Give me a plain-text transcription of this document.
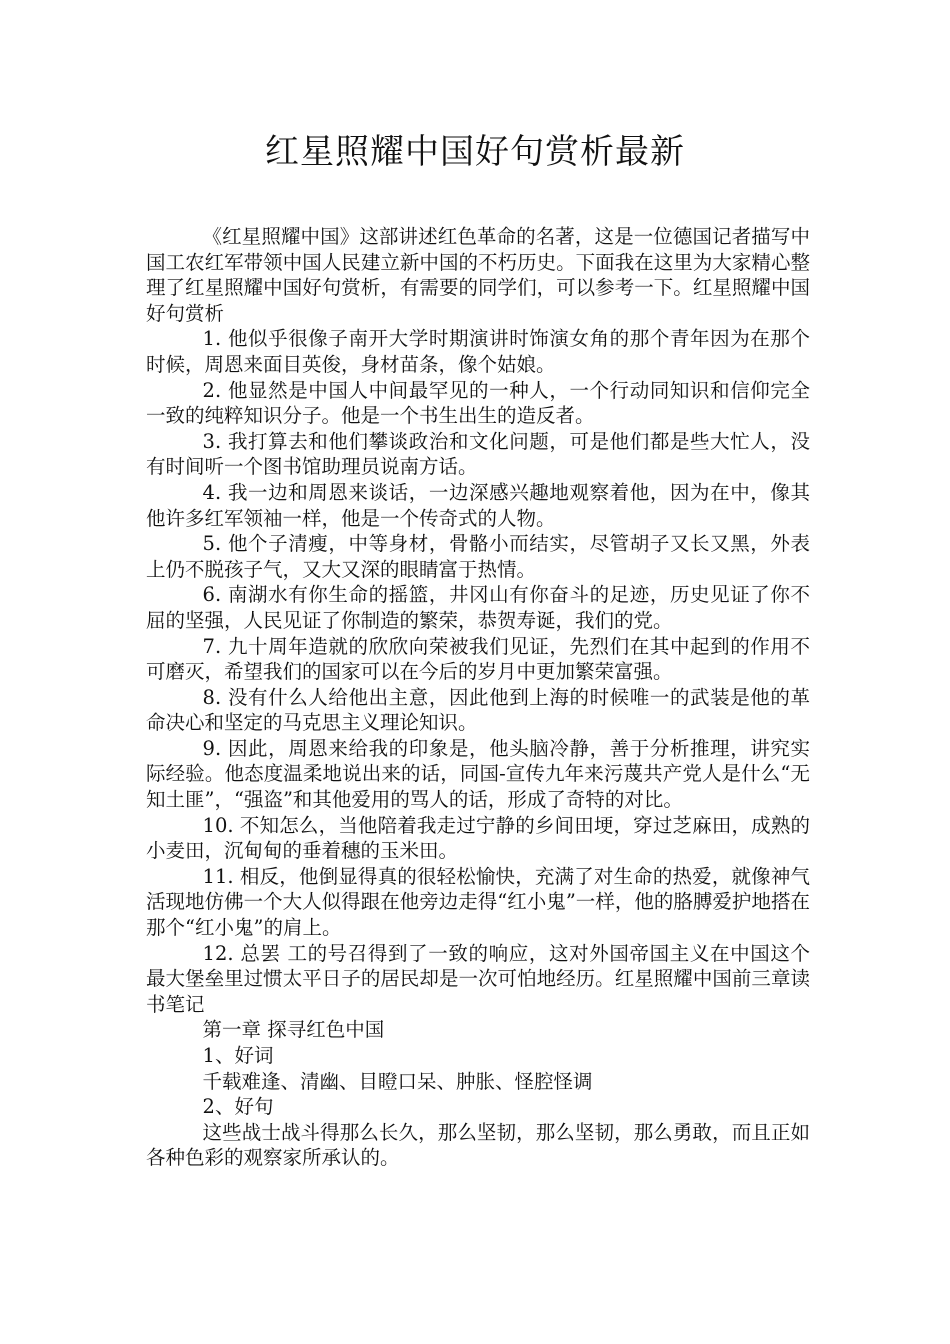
红星照耀中国好句赏析最新

《红星照耀中国》这部讲述红色革命的名著，这是一位德国记者描写中国工农红军带领中国人民建立新中国的不朽历史。下面我在这里为大家精心整理了红星照耀中国好句赏析，有需要的同学们，可以参考一下。红星照耀中国好句赏析

1. 他似乎很像子南开大学时期演讲时饰演女角的那个青年因为在那个时候，周恩来面目英俊，身材苗条，像个姑娘。

2. 他显然是中国人中间最罕见的一种人，一个行动同知识和信仰完全一致的纯粹知识分子。他是一个书生出生的造反者。

3. 我打算去和他们攀谈政治和文化问题，可是他们都是些大忙人，没有时间听一个图书馆助理员说南方话。

4. 我一边和周恩来谈话，一边深感兴趣地观察着他，因为在中，像其他许多红军领袖一样，他是一个传奇式的人物。

5. 他个子清瘦，中等身材，骨骼小而结实，尽管胡子又长又黑，外表上仍不脱孩子气，又大又深的眼睛富于热情。

6. 南湖水有你生命的摇篮，井冈山有你奋斗的足迹，历史见证了你不屈的坚强，人民见证了你制造的繁荣，恭贺寿诞，我们的党。

7. 九十周年造就的欣欣向荣被我们见证，先烈们在其中起到的作用不可磨灭，希望我们的国家可以在今后的岁月中更加繁荣富强。

8. 没有什么人给他出主意，因此他到上海的时候唯一的武装是他的革命决心和坚定的马克思主义理论知识。

9. 因此，周恩来给我的印象是，他头脑冷静，善于分析推理，讲究实际经验。他态度温柔地说出来的话，同国-宣传九年来污蔑共产党人是什么“无知土匪”，“强盗”和其他爱用的骂人的话，形成了奇特的对比。

10. 不知怎么，当他陪着我走过宁静的乡间田埂，穿过芝麻田，成熟的小麦田，沉甸甸的垂着穗的玉米田。

11. 相反，他倒显得真的很轻松愉快，充满了对生命的热爱，就像神气活现地仿佛一个大人似得跟在他旁边走得“红小鬼”一样，他的胳膊爱护地搭在那个“红小鬼”的肩上。

12. 总罢 工的号召得到了一致的响应，这对外国帝国主义在中国这个最大堡垒里过惯太平日子的居民却是一次可怕地经历。红星照耀中国前三章读书笔记

第一章 探寻红色中国

1、好词

千载难逢、清幽、目瞪口呆、肿胀、怪腔怪调

2、好句

这些战士战斗得那么长久，那么坚韧，那么坚韧，那么勇敢，而且正如各种色彩的观察家所承认的。
